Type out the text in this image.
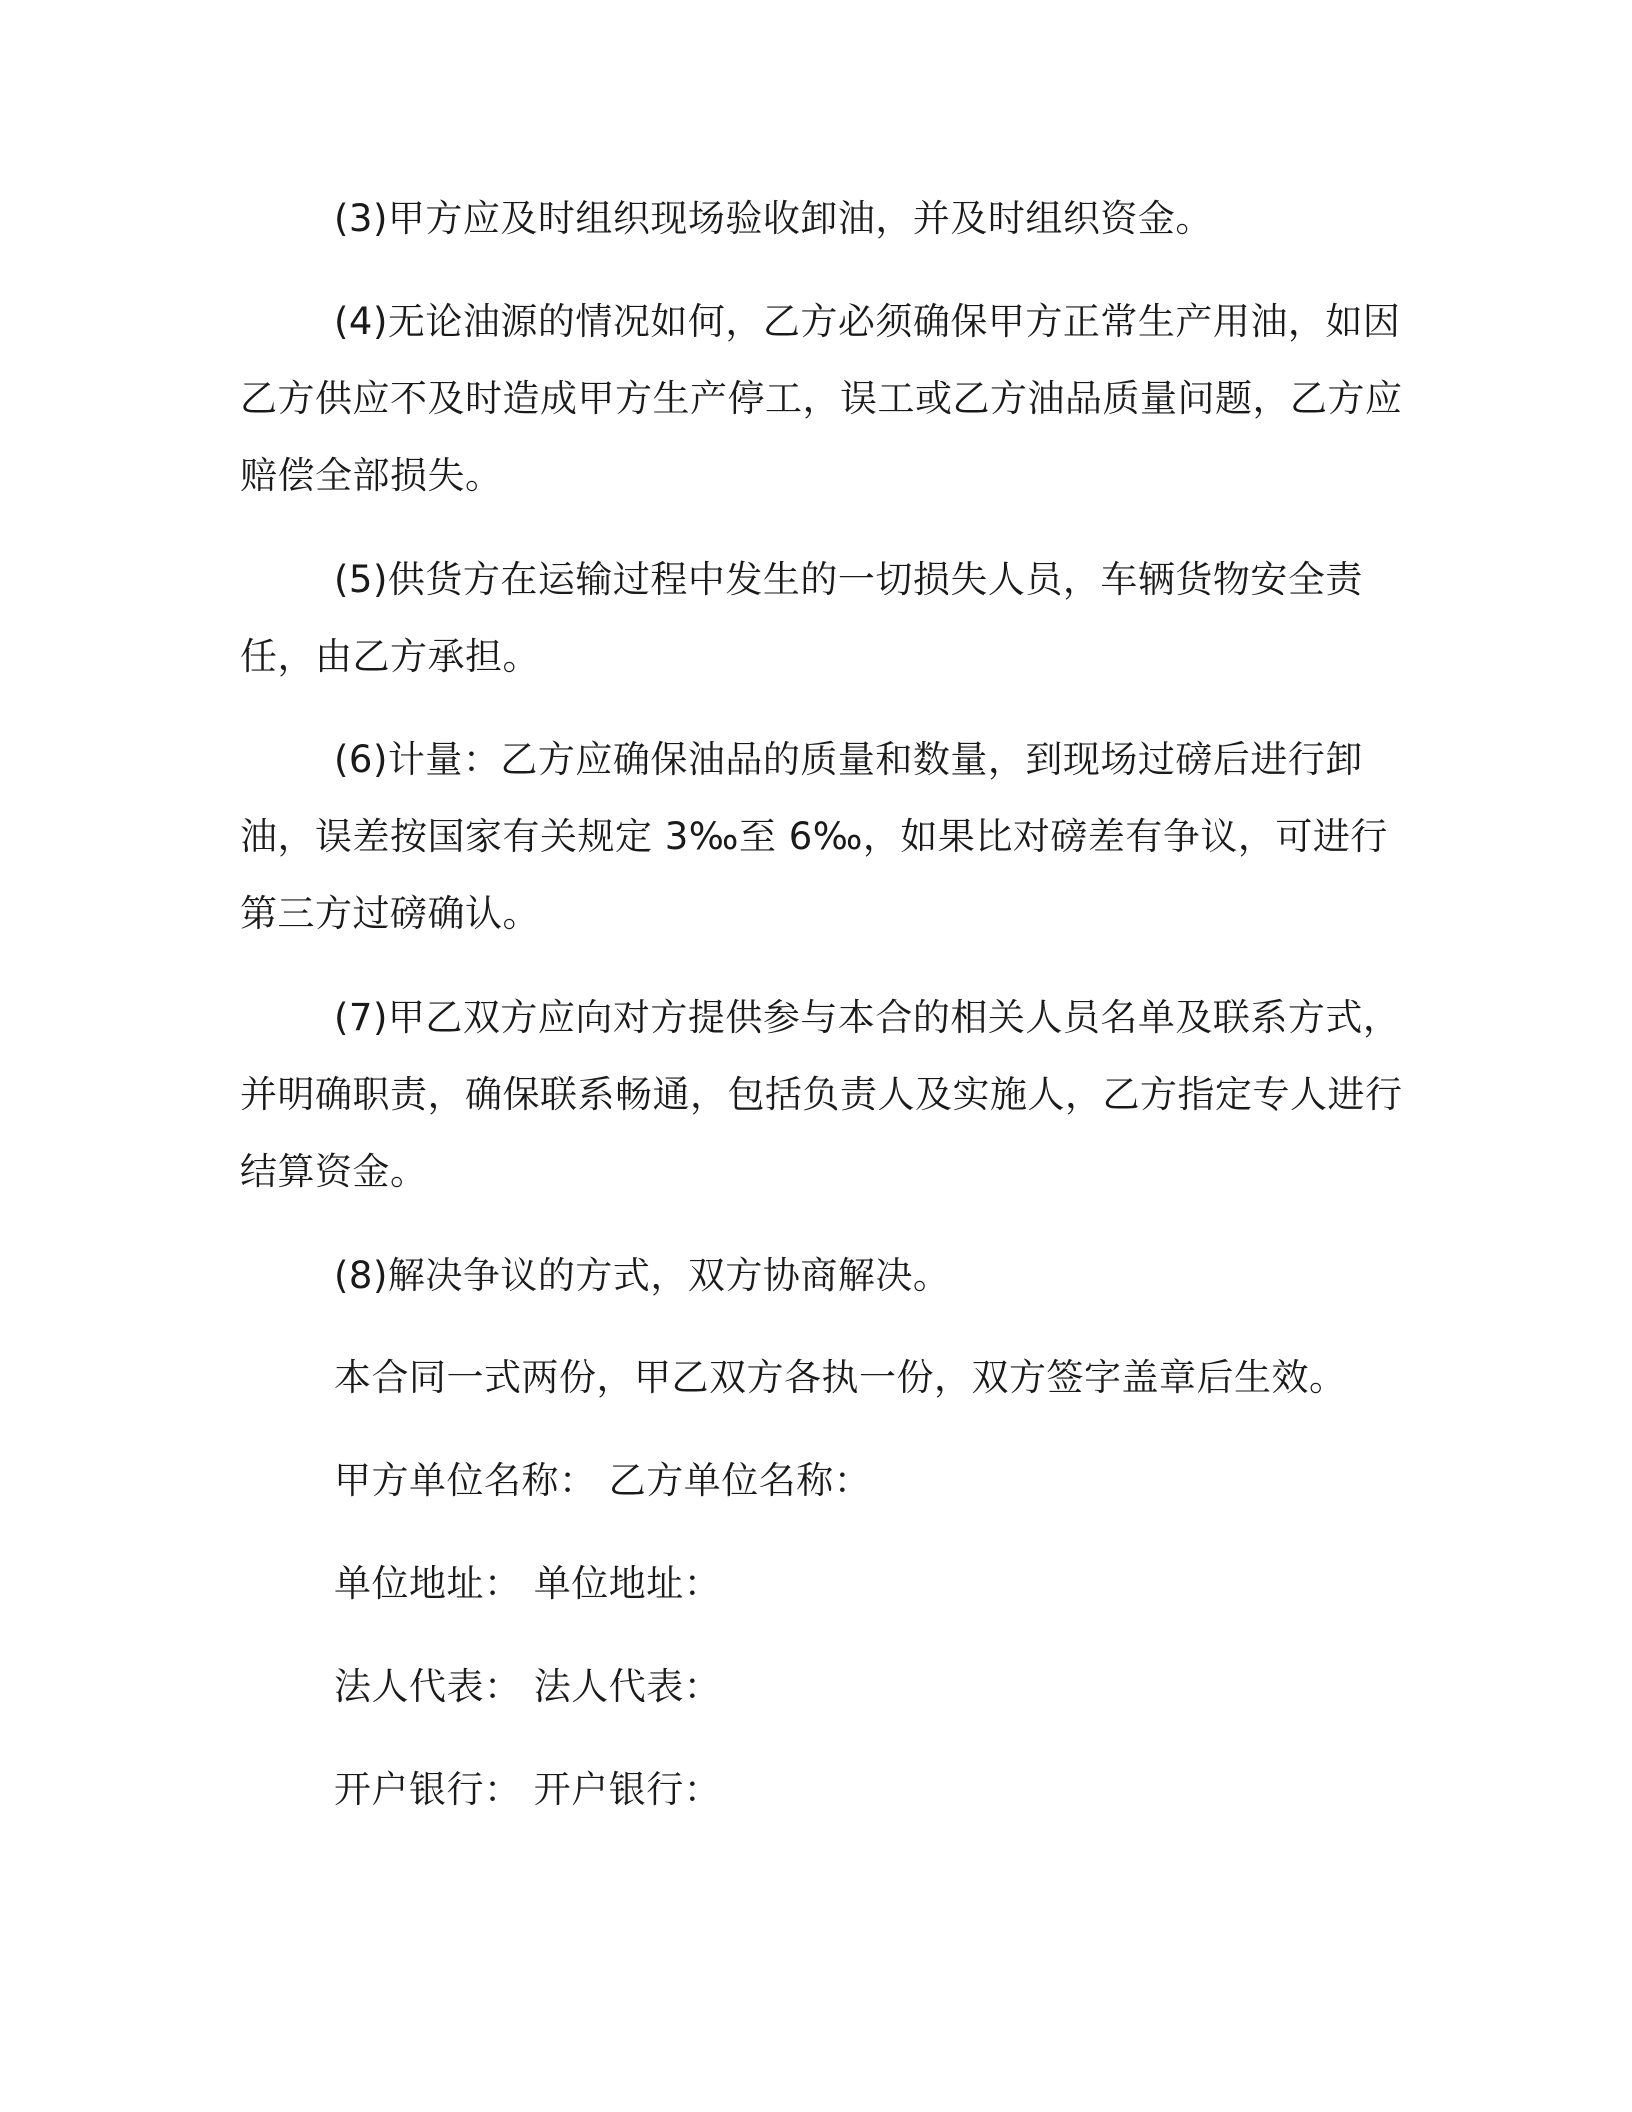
(3)甲方应及时组织现场验收卸油，并及时组织资金。

(4)无论油源的情况如何，乙方必须确保甲方正常生产用油，如因乙方供应不及时造成甲方生产停工，误工或乙方油品质量问题，乙方应赔偿全部损失。

(5)供货方在运输过程中发生的一切损失人员，车辆货物安全责任，由乙方承担。

(6)计量：乙方应确保油品的质量和数量，到现场过磅后进行卸油，误差按国家有关规定 3‰至 6‰，如果比对磅差有争议，可进行第三方过磅确认。

(7)甲乙双方应向对方提供参与本合的相关人员名单及联系方式，并明确职责，确保联系畅通，包括负责人及实施人，乙方指定专人进行结算资金。

(8)解决争议的方式，双方协商解决。

本合同一式两份，甲乙双方各执一份，双方签字盖章后生效。

甲方单位名称： 乙方单位名称：

单位地址： 单位地址：

法人代表： 法人代表：

开户银行： 开户银行：
